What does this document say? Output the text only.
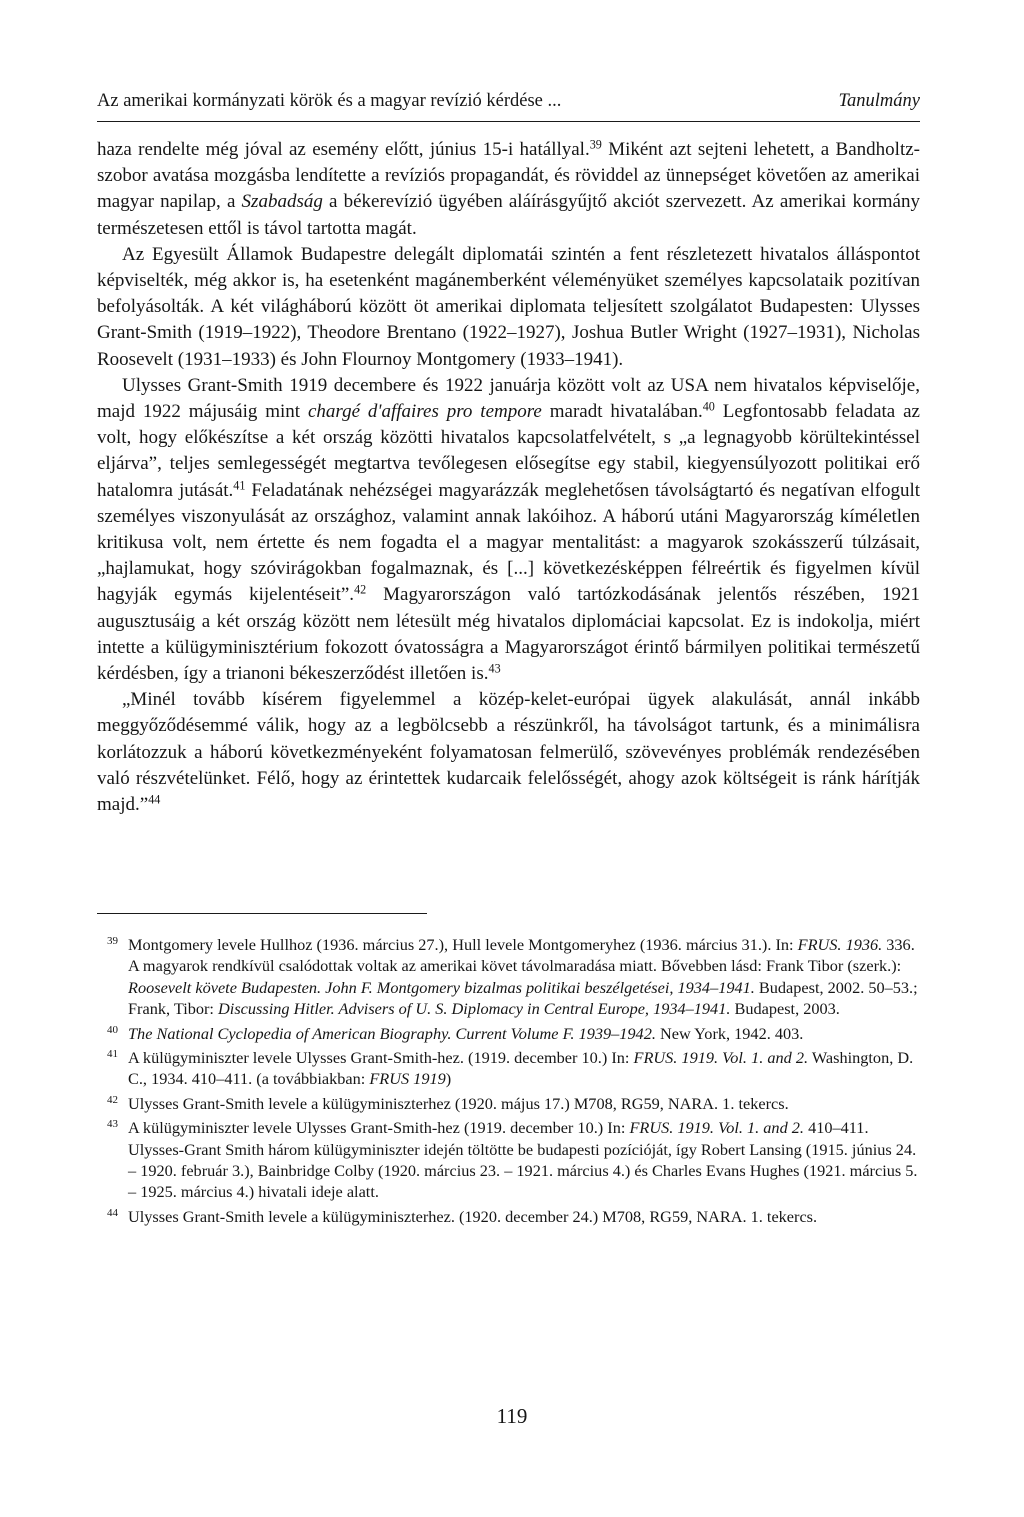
Az amerikai kormányzati körök és a magyar revízió kérdése ...	Tanulmány

haza rendelte még jóval az esemény előtt, június 15-i hatállyal.$^{39}$ Miként azt sejteni lehetett, a Bandholtz-szobor avatása mozgásba lendítette a revíziós propagandát, és röviddel az ünnepséget követően az amerikai magyar napilap, a Szabadság a békerevízió ügyében aláírásgyűjtő akciót szervezett. Az amerikai kormány természetesen ettől is távol tartotta magát.

Az Egyesült Államok Budapestre delegált diplomatái szintén a fent részletezett hivatalos álláspontot képviselték, még akkor is, ha esetenként magánemberként véleményüket személyes kapcsolataik pozitívan befolyásolták. A két világháború között öt amerikai diplomata teljesített szolgálatot Budapesten: Ulysses Grant-Smith (1919–1922), Theodore Brentano (1922–1927), Joshua Butler Wright (1927–1931), Nicholas Roosevelt (1931–1933) és John Flournoy Montgomery (1933–1941).

Ulysses Grant-Smith 1919 decembere és 1922 januárja között volt az USA nem hivatalos képviselője, majd 1922 májusáig mint chargé d'affaires pro tempore maradt hivatalában.$^{40}$ Legfontosabb feladata az volt, hogy előkészítse a két ország közötti hivatalos kapcsolatfelvételt, s „a legnagyobb körültekintéssel eljárva”, teljes semlegességét megtartva tevőlegesen elősegítse egy stabil, kiegyensúlyozott politikai erő hatalomra jutását.$^{41}$ Feladatának nehézségei magyarázzák meglehetősen távolságtartó és negatívan elfogult személyes viszonyulását az országhoz, valamint annak lakóihoz. A háború utáni Magyarország kíméletlen kritikusa volt, nem értette és nem fogadta el a magyar mentalitást: a magyarok szokásszerű túlzásait, „hajlamukat, hogy szóvirágokban fogalmaznak, és [...] következésképpen félreértik és figyelmen kívül hagyják egymás kijelentéseit”.$^{42}$ Magyarországon való tartózkodásának jelentős részében, 1921 augusztusáig a két ország között nem létesült még hivatalos diplomáciai kapcsolat. Ez is indokolja, miért intette a külügyminisztérium fokozott óvatosságra a Magyarországot érintő bármilyen politikai természetű kérdésben, így a trianoni békeszerződést illetően is.$^{43}$

„Minél tovább kísérem figyelemmel a közép-kelet-európai ügyek alakulását, annál inkább meggyőződésemmé válik, hogy az a legbölcsebb a részünkről, ha távolságot tartunk, és a minimálisra korlátozzuk a háború következményeként folyamatosan felmerülő, szövevényes problémák rendezésében való részvételünket. Félő, hogy az érintettek kudarcaik felelősségét, ahogy azok költségeit is ránk hárítják majd.”$^{44}$

39 Montgomery levele Hullhoz (1936. március 27.), Hull levele Montgomeryhez (1936. március 31.). In: FRUS. 1936. 336. A magyarok rendkívül csalódottak voltak az amerikai követ távolmaradása miatt. Bővebben lásd: Frank Tibor (szerk.): Roosevelt követe Budapesten. John F. Montgomery bizalmas politikai beszélgetései, 1934–1941. Budapest, 2002. 50–53.; Frank, Tibor: Discussing Hitler. Advisers of U. S. Diplomacy in Central Europe, 1934–1941. Budapest, 2003.
40 The National Cyclopedia of American Biography. Current Volume F. 1939–1942. New York, 1942. 403.
41 A külügyminiszter levele Ulysses Grant-Smith-hez. (1919. december 10.) In: FRUS. 1919. Vol. 1. and 2. Washington, D. C., 1934. 410–411. (a továbbiakban: FRUS 1919)
42 Ulysses Grant-Smith levele a külügyminiszterhez (1920. május 17.) M708, RG59, NARA. 1. tekercs.
43 A külügyminiszter levele Ulysses Grant-Smith-hez (1919. december 10.) In: FRUS. 1919. Vol. 1. and 2. 410–411. Ulysses-Grant Smith három külügyminiszter idején töltötte be budapesti pozícióját, így Robert Lansing (1915. június 24. – 1920. február 3.), Bainbridge Colby (1920. március 23. – 1921. március 4.) és Charles Evans Hughes (1921. március 5. – 1925. március 4.) hivatali ideje alatt.
44 Ulysses Grant-Smith levele a külügyminiszterhez. (1920. december 24.) M708, RG59, NARA. 1. tekercs.
119
